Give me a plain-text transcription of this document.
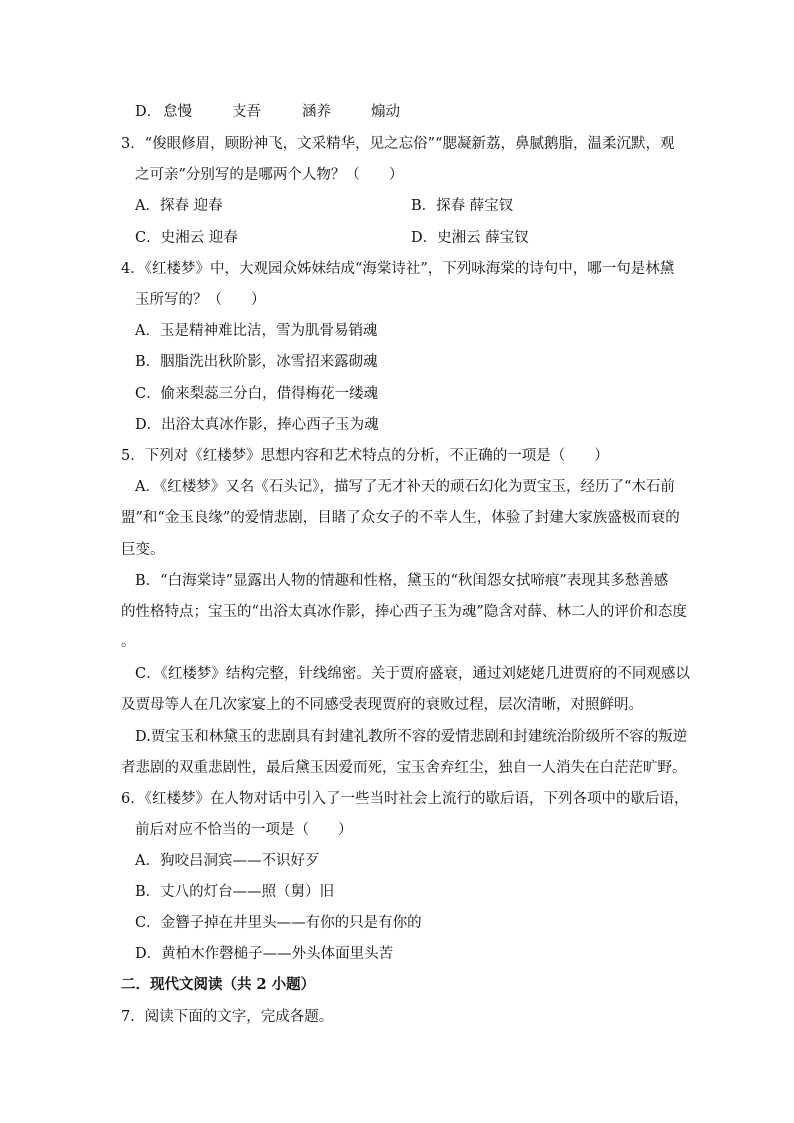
D． 怠慢	支吾	涵养	煽动
3．“俊眼修眉，顾盼神飞，文采精华，见之忘俗”“腮凝新荔，鼻腻鹅脂，温柔沉默，观
之可亲”分别写的是哪两个人物？（　　）
A．探春 迎春	B．探春 薛宝钗
C．史湘云 迎春	D．史湘云 薛宝钗
4．《红楼梦》中，大观园众姊妹结成“海棠诗社”，下列咏海棠的诗句中，哪一句是林黛
玉所写的？（　　）
A．玉是精神难比洁，雪为肌骨易销魂
B．胭脂洗出秋阶影，冰雪招来露砌魂
C．偷来梨蕊三分白，借得梅花一缕魂
D．出浴太真冰作影，捧心西子玉为魂
5．下列对《红楼梦》思想内容和艺术特点的分析，不正确的一项是（　　）
A．《红楼梦》又名《石头记》，描写了无才补天的顽石幻化为贾宝玉，经历了“木石前
盟”和“金玉良缘”的爱情悲剧，目睹了众女子的不幸人生，体验了封建大家族盛极而衰的
巨变。
B．“白海棠诗”显露出人物的情趣和性格，黛玉的“秋闺怨女拭啼痕”表现其多愁善感
的性格特点；宝玉的“出浴太真冰作影，捧心西子玉为魂”隐含对薛、林二人的评价和态度
。
C．《红楼梦》结构完整，针线绵密。关于贾府盛衰，通过刘姥姥几进贾府的不同观感以
及贾母等人在几次家宴上的不同感受表现贾府的衰败过程，层次清晰，对照鲜明。
D.贾宝玉和林黛玉的悲剧具有封建礼教所不容的爱情悲剧和封建统治阶级所不容的叛逆
者悲剧的双重悲剧性，最后黛玉因爱而死，宝玉舍弃红尘，独自一人消失在白茫茫旷野。
6．《红楼梦》在人物对话中引入了一些当时社会上流行的歇后语，下列各项中的歇后语，
前后对应不恰当的一项是（　　）
A．狗咬吕洞宾——不识好歹
B．丈八的灯台——照（舅）旧
C．金簪子掉在井里头——有你的只是有你的
D．黄柏木作磬槌子——外头体面里头苦
二．现代文阅读（共 2 小题）
7．阅读下面的文字，完成各题。
